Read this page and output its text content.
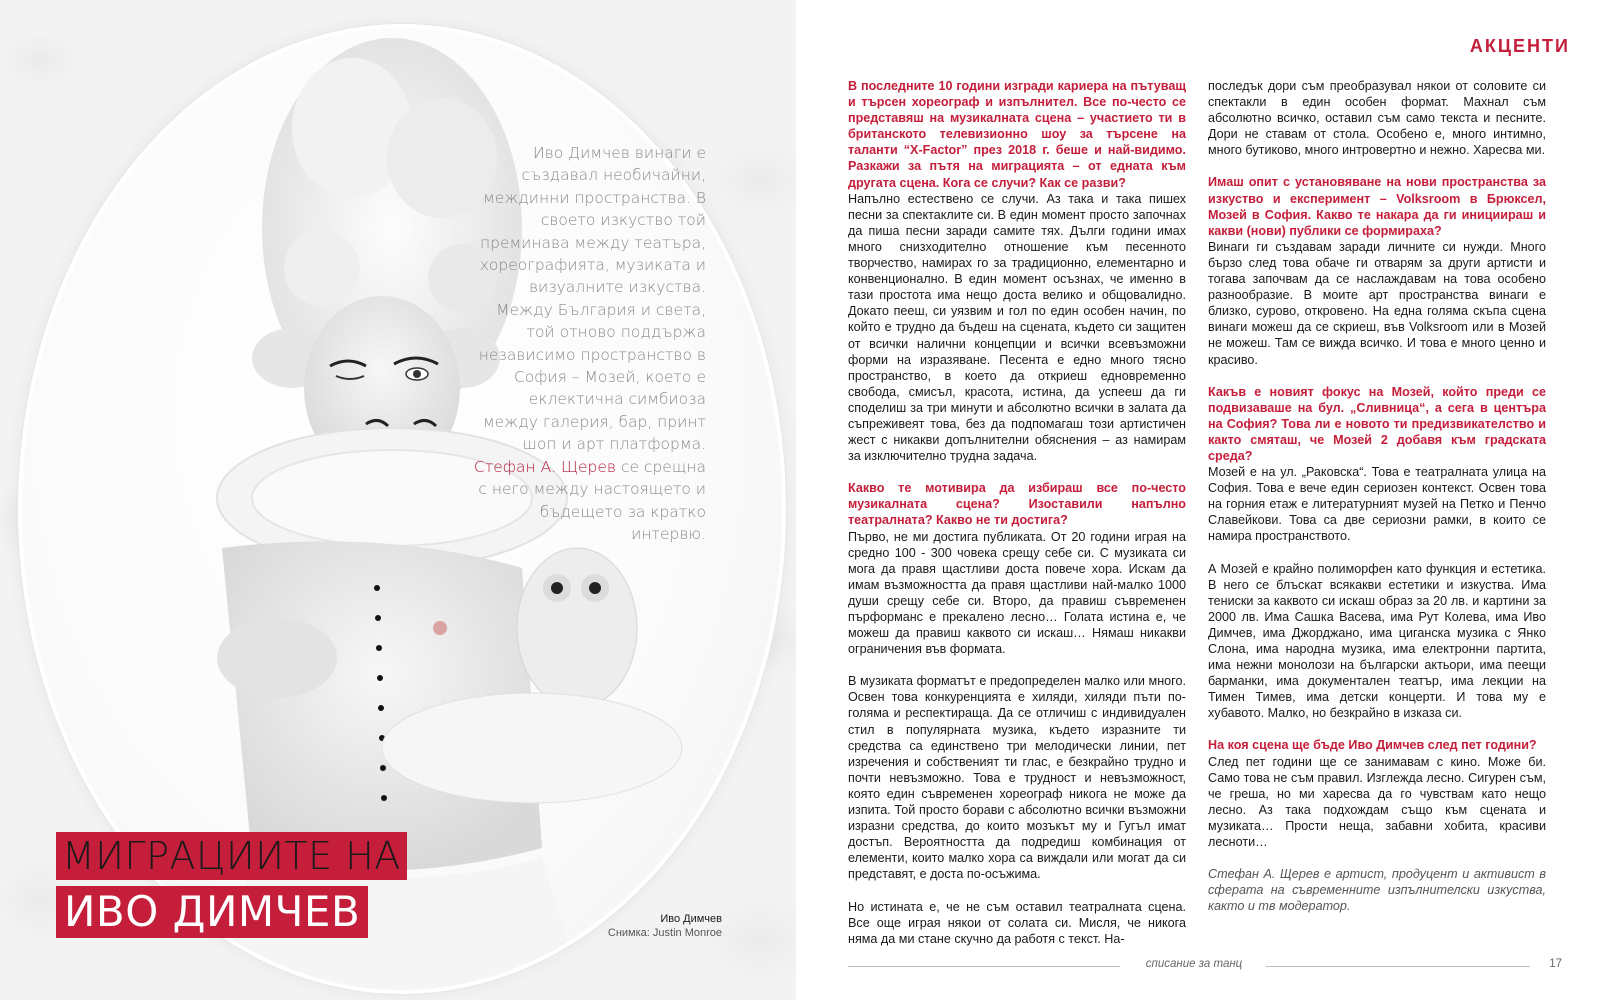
Иво Димчев винаги е създавал необичайни, междинни пространства. В своето изкуство той преминава между театъра, хореографията, музиката и визуалните изкуства. Между България и света, той отново поддържа независимо пространство в София – Мозей, което е еклектична симбиоза между галерия, бар, принт шоп и арт платформа. Стефан А. Щерев се срещна с него между настоящето и бъдещето за кратко интервю.
МИГРАЦИИТЕ НА
ИВО ДИМЧЕВ	Иво Димчев
Снимка: Justin Monroe
АКЦЕНТИ

В последните 10 години изгради кариера на пътуващ и търсен хореограф и изпълнител. Все по-често се представяш на музикалната сцена – участието ти в британското телевизионно шоу за търсене на таланти “X-Factor” през 2018 г. беше и най-видимо. Разкажи за пътя на миграцията – от едната към другата сцена. Кога се случи? Как се разви?
Напълно естествено се случи. Аз така и така пишех песни за спектаклите си. В един момент просто започнах да пиша песни заради самите тях. Дълги години имах много снизходително отношение към песенното творчество, намирах го за традиционно, елементарно и конвенционално. В един момент осъзнах, че именно в тази простота има нещо доста велико и общовалидно. Докато пееш, си уязвим и гол по един особен начин, по който е трудно да бъдеш на сцената, където си защитен от всички налични концепции и всички всевъзможни форми на изразяване. Песента е едно много тясно пространство, в което да откриеш едновременно свобода, смисъл, красота, истина, да успееш да ги споделиш за три минути и абсолютно всички в залата да съпреживеят това, без да подпомагаш този артистичен жест с никакви допълнителни обяснения – аз намирам за изключително трудна задача.

Какво те мотивира да избираш все по-често музикалната сцена? Изоставили напълно театралната? Какво не ти достига?
Първо, не ми достига публиката. От 20 години играя на средно 100 - 300 човека срещу себе си. С музиката си мога да правя щастливи доста повече хора. Искам да имам възможността да правя щастливи най-малко 1000 души срещу себе си. Второ, да правиш съвременен пърформанс е прекалено лесно… Голата истина е, че можеш да правиш каквото си искаш… Нямаш никакви ограничения във формата.

В музиката форматът е предопределен малко или много. Освен това конкуренцията е хиляди, хиляди пъти по-голяма и респектираща. Да се отличиш с индивидуален стил в популярната музика, където изразните ти средства са единствено три мелодически линии, пет изречения и собственият ти глас, е безкрайно трудно и почти невъзможно. Това е трудност и невъзможност, която един съвременен хореограф никога не може да изпита. Той просто борави с абсолютно всички възможни изразни средства, до които мозъкът му и Гугъл имат достъп. Вероятността да подредиш комбинация от елементи, които малко хора са виждали или могат да си представят, е доста по-осъжима.

Но истината е, че не съм оставил театралната сцена. Все още играя някои от солата си. Мисля, че никога няма да ми стане скучно да работя с текст. На-

последък дори съм преобразувал някои от соловите си спектакли в един особен формат. Махнал съм абсолютно всичко, оставил съм само текста и песните. Дори не ставам от стола. Особено е, много интимно, много бутиково, много интровертно и нежно. Харесва ми.

Имаш опит с установяване на нови пространства за изкуство и експеримент – Volksroom в Брюксел, Мозей в София. Какво те накара да ги инициираш и какви (нови) публики се формираха?
Винаги ги създавам заради личните си нужди. Много бързо след това обаче ги отварям за други артисти и тогава започвам да се наслаждавам на това особено разнообразие. В моите арт пространства винаги е близко, сурово, откровено. На една голяма скъпа сцена винаги можеш да се скриеш, във Volksroom или в Мозей не можеш. Там се вижда всичко. И това е много ценно и красиво.

Какъв е новият фокус на Мозей, който преди се подвизаваше на бул. „Сливница“, а сега в центъра на София? Това ли е новото ти предизвикателство и както смяташ, че Мозей 2 добавя към градската среда?
Мозей е на ул. „Раковска“. Това е театралната улица на София. Това е вече един сериозен контекст. Освен това на горния етаж е литературният музей на Петко и Пенчо Славейкови. Това са две сериозни рамки, в които се намира пространството.

А Мозей е крайно полиморфен като функция и естетика. В него се блъскат всякакви естетики и изкуства. Има тениски за каквото си искаш образ за 20 лв. и картини за 2000 лв. Има Сашка Васева, има Рут Колева, има Иво Димчев, има Джорджано, има циганска музика с Янко Слона, има народна музика, има електронни партита, има нежни монолози на български актьори, има пеещи барманки, има документален театър, има лекции на Тимен Тимев, има детски концерти. И това му е хубавото. Малко, но безкрайно в изказа си.

На коя сцена ще бъде Иво Димчев след пет години?
След пет години ще се занимавам с кино. Може би. Само това не съм правил. Изглежда лесно. Сигурен съм, че греша, но ми харесва да го чувствам като нещо лесно. Аз така подхождам също към сцената и музиката… Прости неща, забавни хобита, красиви лесноти…

Стефан А. Щерев е артист, продуцент и активист в сферата на съвременните изпълнителски изкуства, както и тв модератор.

списание за танц	17
